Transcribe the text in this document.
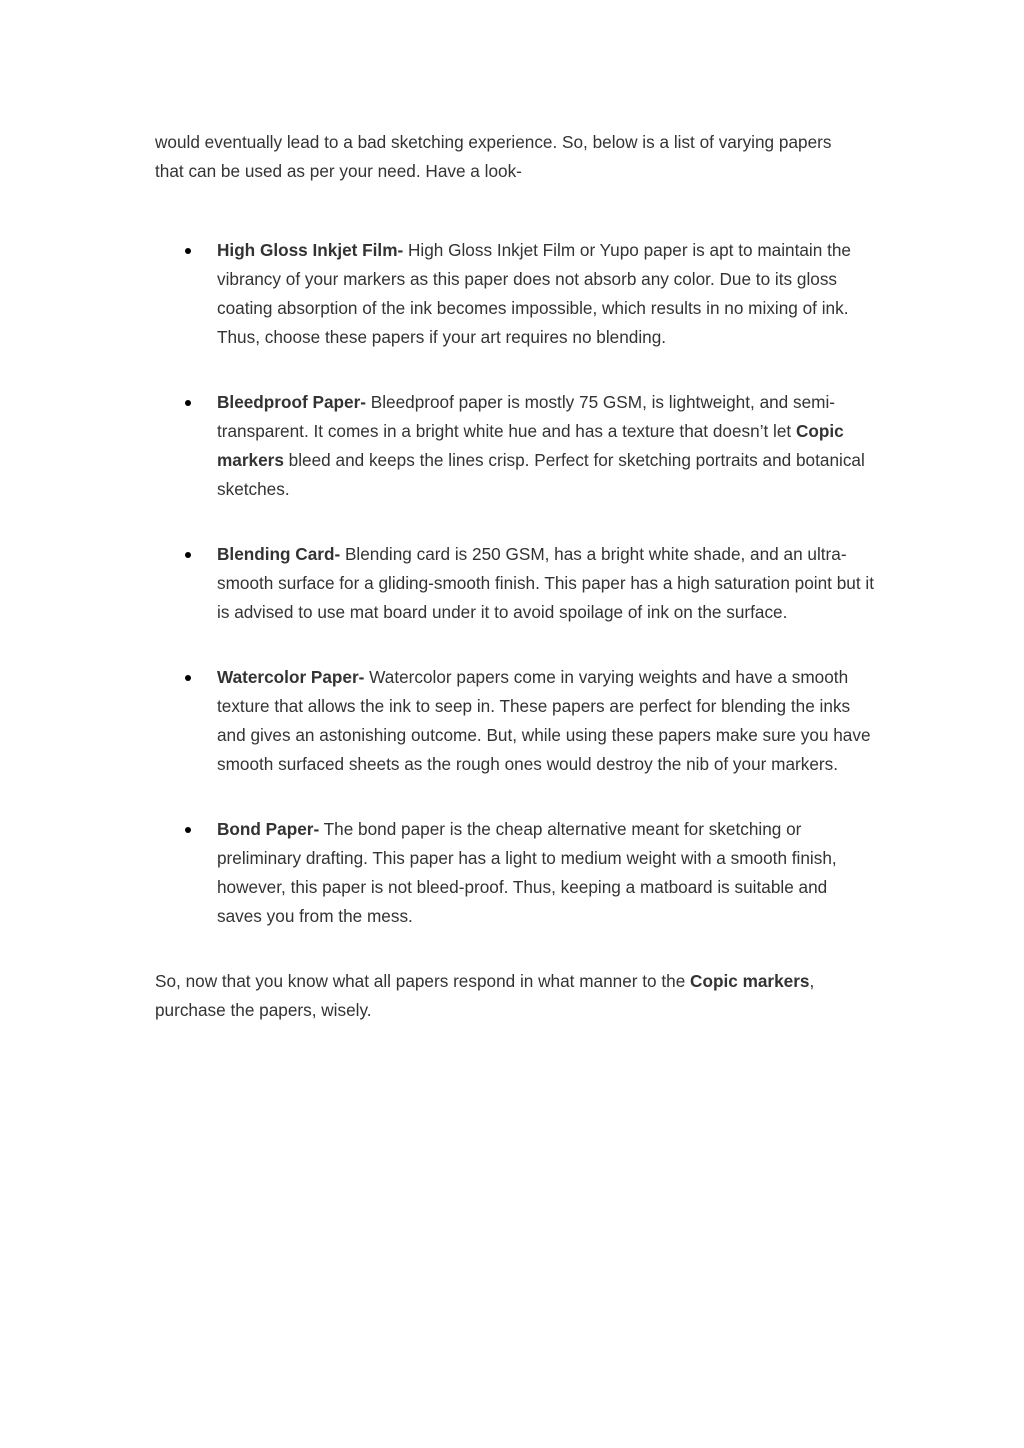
would eventually lead to a bad sketching experience. So, below is a list of varying papers
that can be used as per your need. Have a look-

High Gloss Inkjet Film- High Gloss Inkjet Film or Yupo paper is apt to maintain the vibrancy of your markers as this paper does not absorb any color. Due to its gloss coating absorption of the ink becomes impossible, which results in no mixing of ink. Thus, choose these papers if your art requires no blending.
Bleedproof Paper- Bleedproof paper is mostly 75 GSM, is lightweight, and semi-transparent. It comes in a bright white hue and has a texture that doesn’t let Copic markers bleed and keeps the lines crisp. Perfect for sketching portraits and botanical sketches.
Blending Card- Blending card is 250 GSM, has a bright white shade, and an ultra-smooth surface for a gliding-smooth finish. This paper has a high saturation point but it is advised to use mat board under it to avoid spoilage of ink on the surface.
Watercolor Paper- Watercolor papers come in varying weights and have a smooth texture that allows the ink to seep in. These papers are perfect for blending the inks and gives an astonishing outcome. But, while using these papers make sure you have smooth surfaced sheets as the rough ones would destroy the nib of your markers.
Bond Paper- The bond paper is the cheap alternative meant for sketching or preliminary drafting. This paper has a light to medium weight with a smooth finish, however, this paper is not bleed-proof. Thus, keeping a matboard is suitable and saves you from the mess.

So, now that you know what all papers respond in what manner to the Copic markers,
purchase the papers, wisely.
